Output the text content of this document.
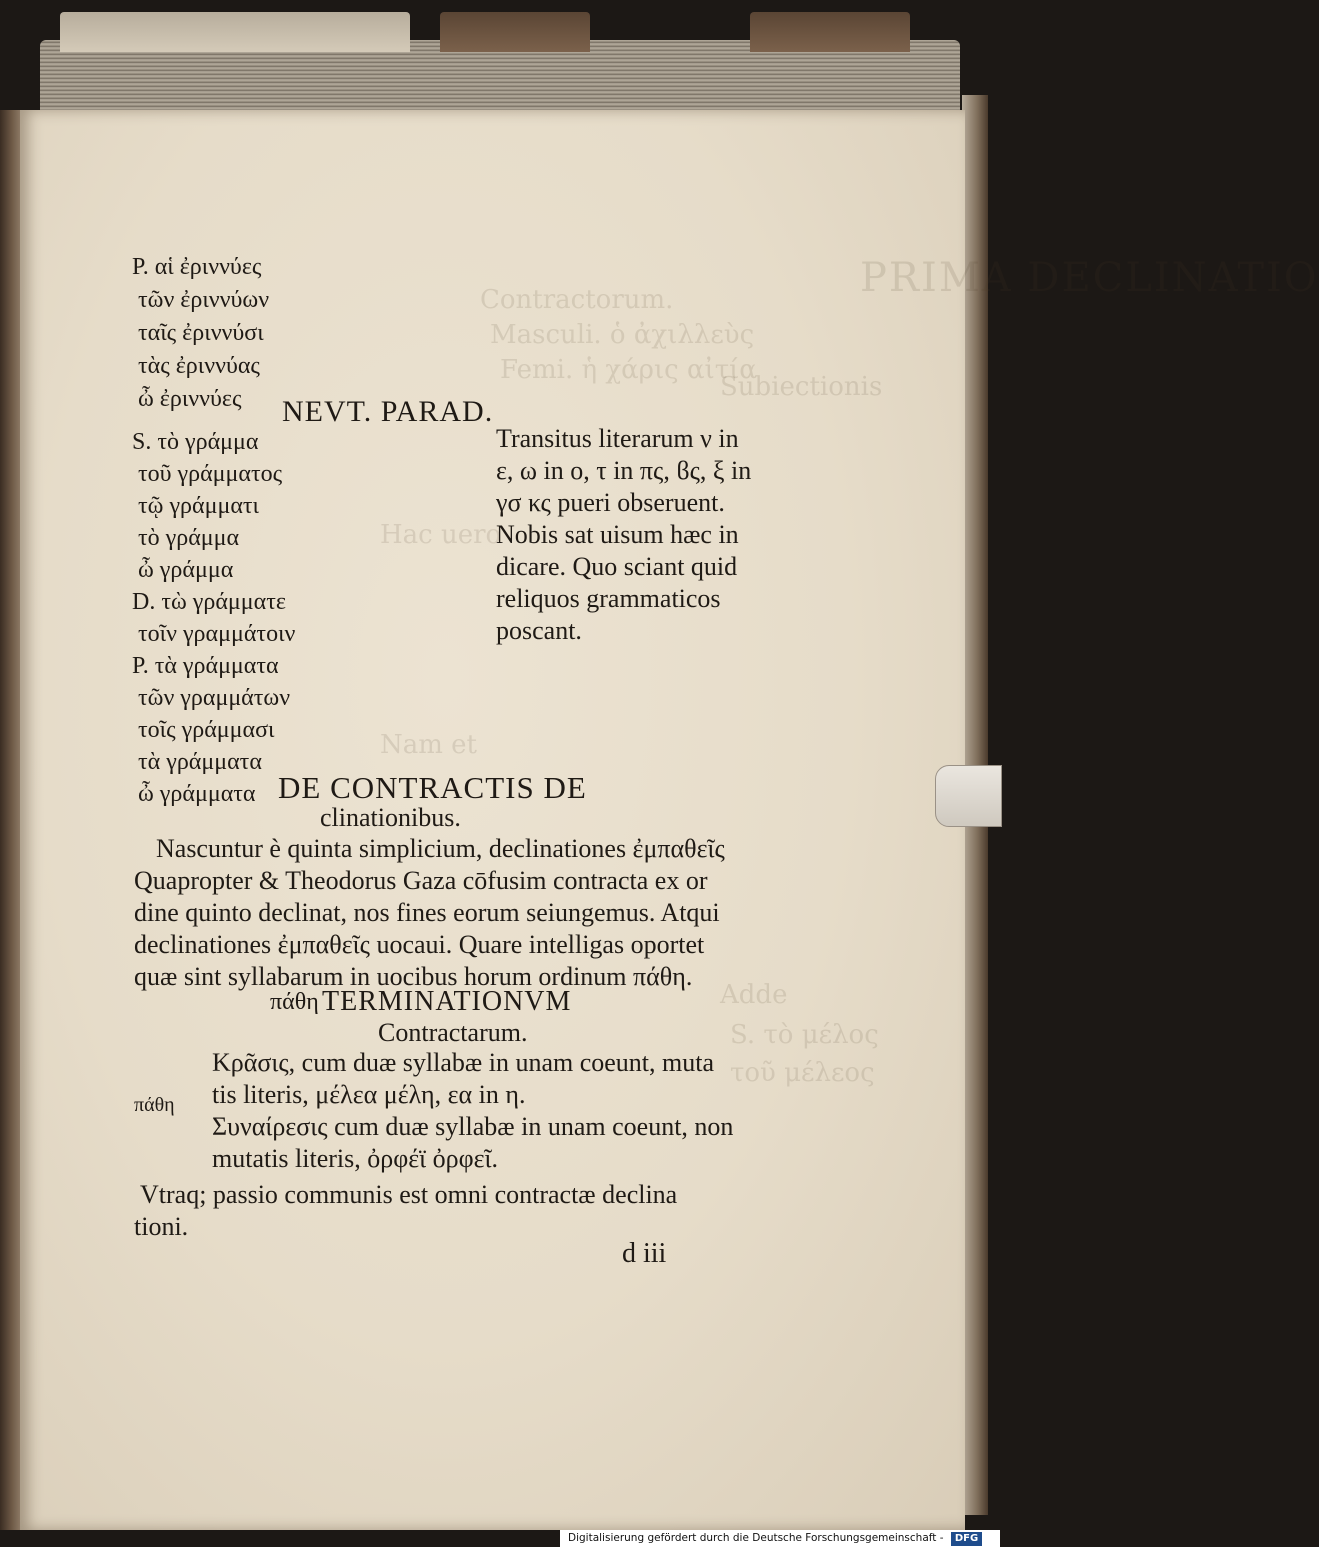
PRIMA DECLINATIO
Contractorum.
Masculi. ὁ ἀχιλλεὺς
Femi. ἡ χάρις αἰτία
Subiectionis
Hac uero
Nam et
Adde
S. τὸ μέλος
τοῦ μέλεος
P. αἱ ἐριννύες
τῶν ἐριννύων
ταῖς ἐριννύσι
τὰς ἐριννύας
ὦ ἐριννύες NEVT. PARAD.
S. τὸ γράμμα
τοῦ γράμματος
τῷ γράμματι
τὸ γράμμα
ὦ γράμμα
D. τὼ γράμματε
τοῖν γραμμάτοιν
P. τὰ γράμματα
τῶν γραμμάτων
τοῖς γράμμασι
τὰ γράμματα
ὦ γράμματα
Transitus literarum ν in
ε, ω in ο, τ in πς, ϐς, ξ in
γσ κς pueri obseruent.
Nobis sat uisum hæc in
dicare. Quo sciant quid
reliquos grammaticos
poscant.
DE CONTRACTIS DE
clinationibus.
Nascuntur è quinta simplicium, declinationes ἐμπαθεῖς
Quapropter & Theodorus Gaza cōfusim contracta ex or
dine quinto declinat, nos fines eorum seiungemus. Atqui
declinationes ἐμπαθεῖς uocaui. Quare intelligas oportet
quæ sint syllabarum in uocibus horum ordinum πάθη.
πάθη TERMINATIONVM
Contractarum.
πάθη
Κρᾶσις, cum duæ syllabæ in unam coeunt, muta
tis literis, μέλεα μέλη, εα in η.
Συναίρεσις cum duæ syllabæ in unam coeunt, non
mutatis literis, ὀρφέϊ ὀρφεῖ.
Vtraq; passio communis est omni contractæ declina
tioni.
d iii
Digitalisierung gefördert durch die Deutsche Forschungsgemeinschaft - DFG
